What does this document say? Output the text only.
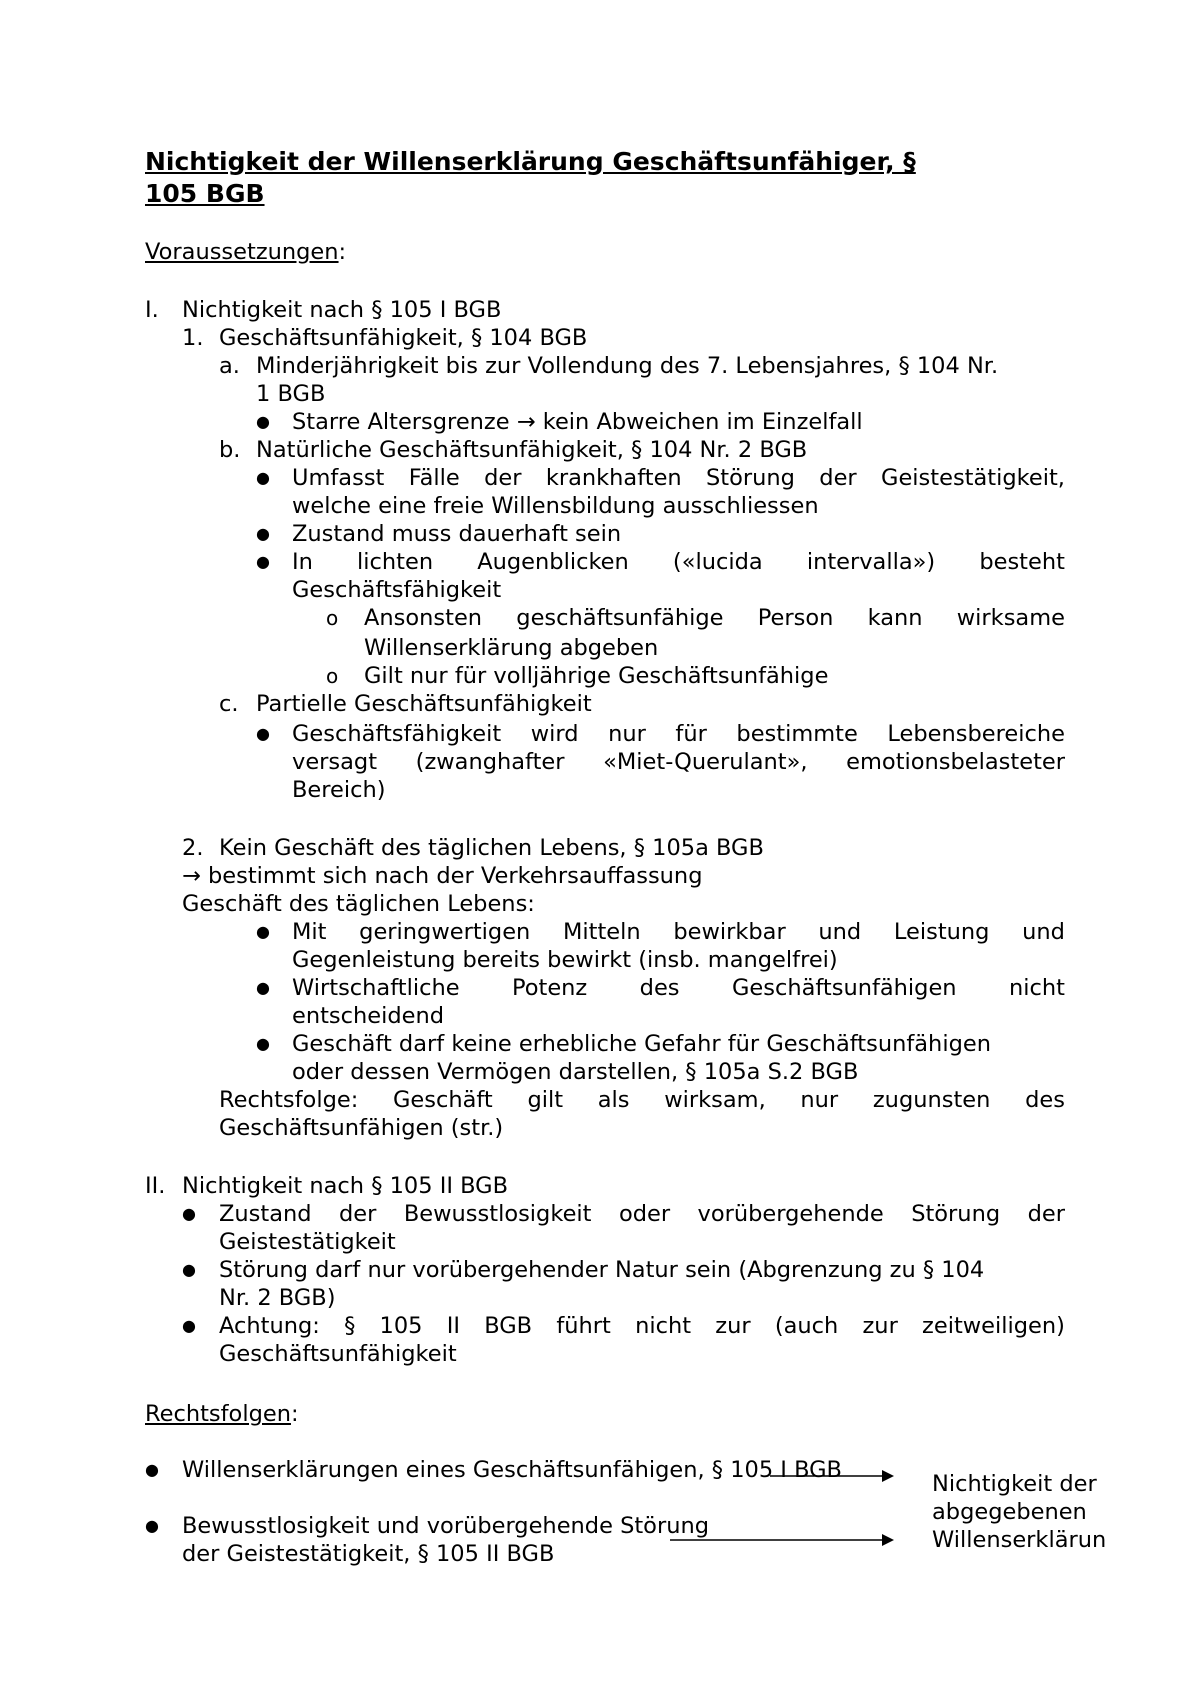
Nichtigkeit der Willenserklärung Geschäftsunfähiger, §
105 BGB
Voraussetzungen:
I. Nichtigkeit nach § 105 I BGB
1. Geschäftsunfähigkeit, § 104 BGB
a. Minderjährigkeit bis zur Vollendung des 7. Lebensjahres, § 104 Nr.
1 BGB
● Starre Altersgrenze → kein Abweichen im Einzelfall
b. Natürliche Geschäftsunfähigkeit, § 104 Nr. 2 BGB
● Umfasst Fälle der krankhaften Störung der Geistestätigkeit,
welche eine freie Willensbildung ausschliessen
● Zustand muss dauerhaft sein
● In lichten Augenblicken («lucida intervalla») besteht
Geschäftsfähigkeit
o Ansonsten geschäftsunfähige Person kann wirksame
Willenserklärung abgeben
o Gilt nur für volljährige Geschäftsunfähige
c. Partielle Geschäftsunfähigkeit
● Geschäftsfähigkeit wird nur für bestimmte Lebensbereiche
versagt (zwanghafter «Miet-Querulant», emotionsbelasteter
Bereich)
2. Kein Geschäft des täglichen Lebens, § 105a BGB
→ bestimmt sich nach der Verkehrsauffassung
Geschäft des täglichen Lebens:
● Mit geringwertigen Mitteln bewirkbar und Leistung und
Gegenleistung bereits bewirkt (insb. mangelfrei)
● Wirtschaftliche Potenz des Geschäftsunfähigen nicht
entscheidend
● Geschäft darf keine erhebliche Gefahr für Geschäftsunfähigen
oder dessen Vermögen darstellen, § 105a S.2 BGB
Rechtsfolge: Geschäft gilt als wirksam, nur zugunsten des
Geschäftsunfähigen (str.)
II. Nichtigkeit nach § 105 II BGB
● Zustand der Bewusstlosigkeit oder vorübergehende Störung der
Geistestätigkeit
● Störung darf nur vorübergehender Natur sein (Abgrenzung zu § 104
Nr. 2 BGB)
● Achtung: § 105 II BGB führt nicht zur (auch zur zeitweiligen)
Geschäftsunfähigkeit
Rechtsfolgen:
● Willenserklärungen eines Geschäftsunfähigen, § 105 I BGB
● Bewusstlosigkeit und vorübergehende Störung
der Geistestätigkeit, § 105 II BGB
Nichtigkeit der
abgegebenen
Willenserklärun
